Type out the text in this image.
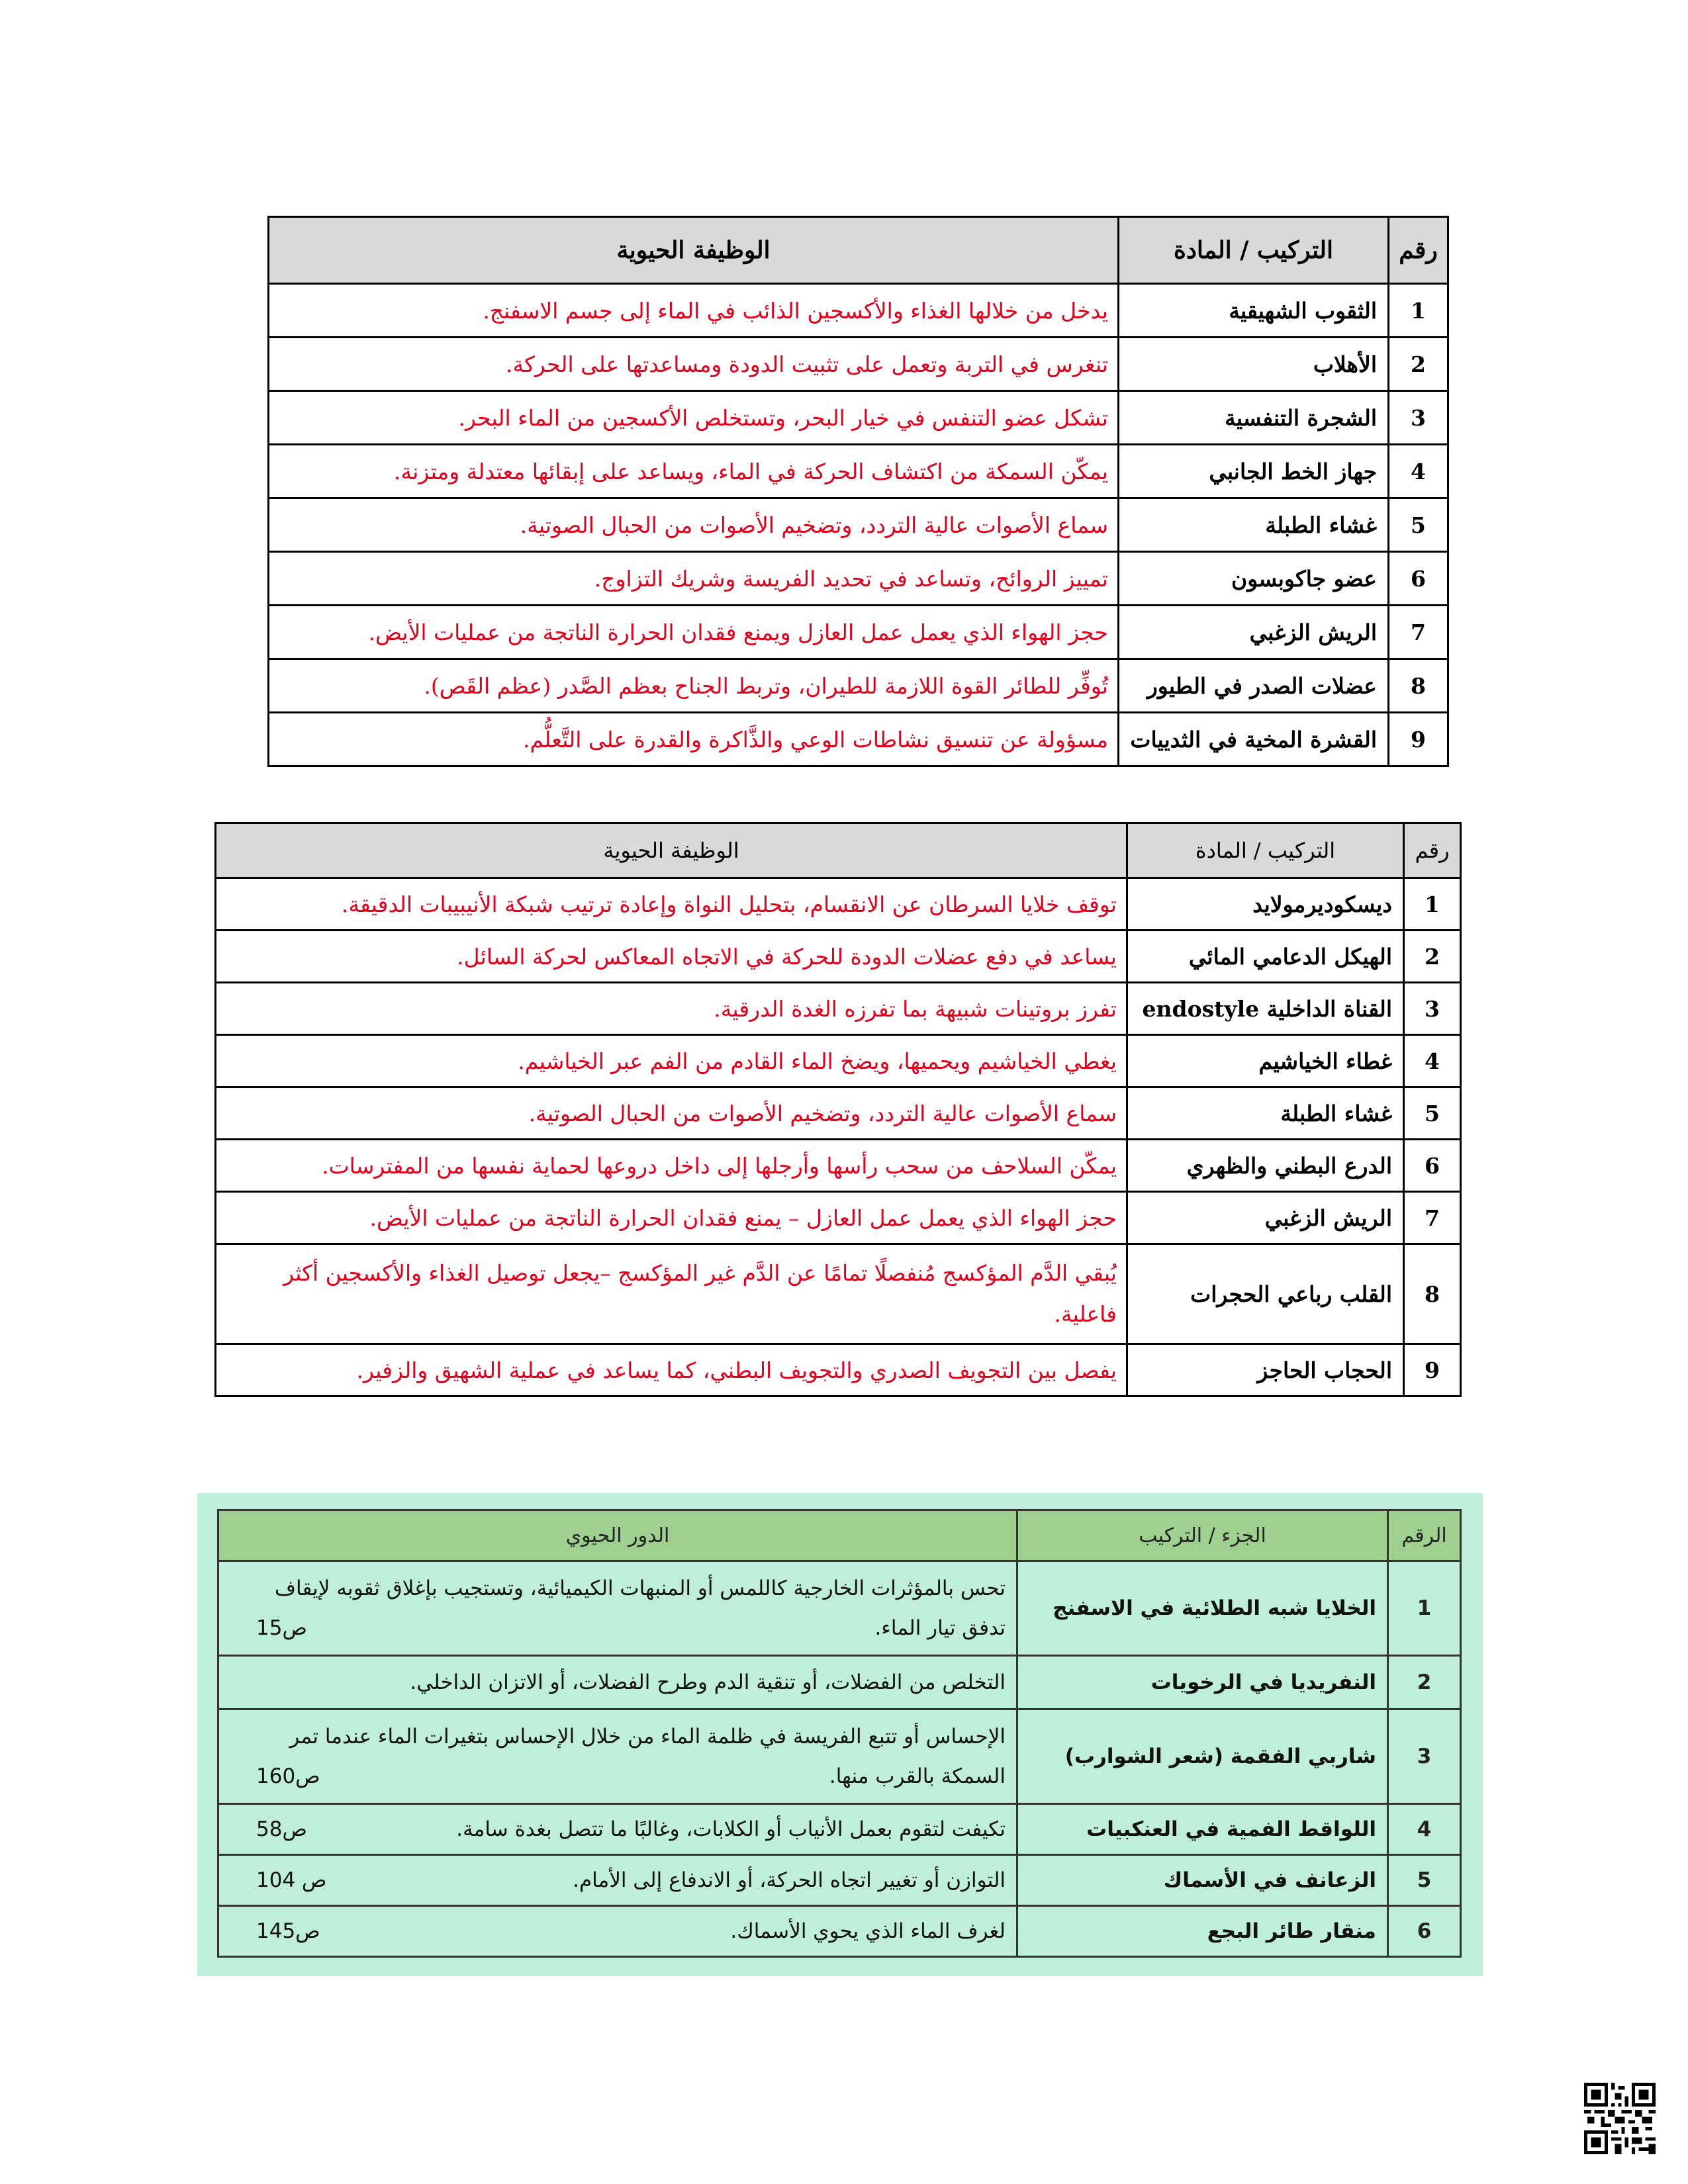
رقم	التركيب / المادة	الوظيفة الحيوية
1	الثقوب الشهيقية	يدخل من خلالها الغذاء والأكسجين الذائب في الماء إلى جسم الاسفنج.
2	الأهلاب	تنغرس في التربة وتعمل على تثبيت الدودة ومساعدتها على الحركة.
3	الشجرة التنفسية	تشكل عضو التنفس في خيار البحر، وتستخلص الأكسجين من الماء البحر.
4	جهاز الخط الجانبي	يمكّن السمكة من اكتشاف الحركة في الماء، ويساعد على إبقائها معتدلة ومتزنة.
5	غشاء الطبلة	سماع الأصوات عالية التردد، وتضخيم الأصوات من الحبال الصوتية.
6	عضو جاكوبسون	تمييز الروائح، وتساعد في تحديد الفريسة وشريك التزاوج.
7	الريش الزغبي	حجز الهواء الذي يعمل عمل العازل ويمنع فقدان الحرارة الناتجة من عمليات الأيض.
8	عضلات الصدر في الطيور	تُوفِّر للطائر القوة اللازمة للطيران، وتربط الجناح بعظم الصَّدر (عظم القَص).
9	القشرة المخية في الثدييات	مسؤولة عن تنسيق نشاطات الوعي والذَّاكرة والقدرة على التَّعلُّم.
رقم	التركيب / المادة	الوظيفة الحيوية
1	ديسكوديرمولايد	توقف خلايا السرطان عن الانقسام، بتحليل النواة وإعادة ترتيب شبكة الأنيبيبات الدقيقة.
2	الهيكل الدعامي المائي	يساعد في دفع عضلات الدودة للحركة في الاتجاه المعاكس لحركة السائل.
3	القناة الداخلية endostyle	تفرز بروتينات شبيهة بما تفرزه الغدة الدرقية.
4	غطاء الخياشيم	يغطي الخياشيم ويحميها، ويضخ الماء القادم من الفم عبر الخياشيم.
5	غشاء الطبلة	سماع الأصوات عالية التردد، وتضخيم الأصوات من الحبال الصوتية.
6	الدرع البطني والظهري	يمكّن السلاحف من سحب رأسها وأرجلها إلى داخل دروعها لحماية نفسها من المفترسات.
7	الريش الزغبي	حجز الهواء الذي يعمل عمل العازل – يمنع فقدان الحرارة الناتجة من عمليات الأيض.
8	القلب رباعي الحجرات	يُبقي الدَّم المؤكسج مُنفصلًا تمامًا عن الدَّم غير المؤكسج –يجعل توصيل الغذاء والأكسجين أكثر فاعلية.
9	الحجاب الحاجز	يفصل بين التجويف الصدري والتجويف البطني، كما يساعد في عملية الشهيق والزفير.
الرقم	الجزء / التركيب	الدور الحيوي
1	الخلايا شبه الطلائية في الاسفنج	تحس بالمؤثرات الخارجية كاللمس أو المنبهات الكيميائية، وتستجيب بإغلاق ثقوبه لإيقاف تدفق تيار الماء.
ص15

2	النفريديا في الرخويات	التخلص من الفضلات، أو تنقية الدم وطرح الفضلات، أو الاتزان الداخلي.

3	شاربي الفقمة (شعر الشوارب)	الإحساس أو تتبع الفريسة في ظلمة الماء من خلال الإحساس بتغيرات الماء عندما تمر السمكة بالقرب منها.
ص160

4	اللواقط الفمية في العنكبيات	تكيفت لتقوم بعمل الأنياب أو الكلابات، وغالبًا ما تتصل بغدة سامة.
ص58

5	الزعانف في الأسماك	التوازن أو تغيير اتجاه الحركة، أو الاندفاع إلى الأمام.
ص 104

6	منقار طائر البجع	لغرف الماء الذي يحوي الأسماك.
ص145
